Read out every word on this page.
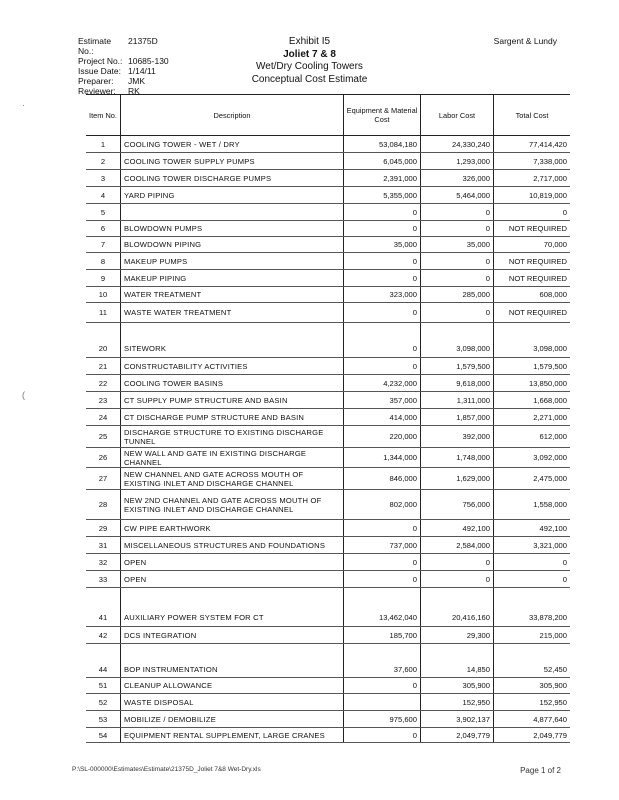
Estimate No.:
21375D
Project No.: 10685-130
Issue Date: 1/14/11
Preparer:	JMK
Reviewer:	RK
Exhibit I5
Joliet 7 & 8
Wet/Dry Cooling Towers
Conceptual Cost Estimate
Sargent & Lundy
·
(
Item No.	Description	Equipment & Material Cost	Labor Cost	Total Cost
1	COOLING TOWER - WET / DRY	53,084,180	24,330,240	77,414,420
2	COOLING TOWER SUPPLY PUMPS	6,045,000	1,293,000	7,338,000
3	COOLING TOWER DISCHARGE PUMPS	2,391,000	326,000	2,717,000
4	YARD PIPING	5,355,000	5,464,000	10,819,000
5		0	0	0
6	BLOWDOWN PUMPS	0	0	NOT REQUIRED
7	BLOWDOWN PIPING	35,000	35,000	70,000
8	MAKEUP PUMPS	0	0	NOT REQUIRED
9	MAKEUP PIPING	0	0	NOT REQUIRED
10	WATER TREATMENT	323,000	285,000	608,000
11	WASTE WATER TREATMENT	0	0	NOT REQUIRED

20	SITEWORK	0	3,098,000	3,098,000
21	CONSTRUCTABILITY ACTIVITIES	0	1,579,500	1,579,500
22	COOLING TOWER BASINS	4,232,000	9,618,000	13,850,000
23	CT SUPPLY PUMP STRUCTURE AND BASIN	357,000	1,311,000	1,668,000
24	CT DISCHARGE PUMP STRUCTURE AND BASIN	414,000	1,857,000	2,271,000
25	DISCHARGE STRUCTURE TO EXISTING DISCHARGE TUNNEL	220,000	392,000	612,000
26	NEW WALL AND GATE IN EXISTING DISCHARGE CHANNEL	1,344,000	1,748,000	3,092,000
27	NEW CHANNEL AND GATE ACROSS MOUTH OF EXISTING INLET AND DISCHARGE CHANNEL	846,000	1,629,000	2,475,000
28	NEW 2ND CHANNEL AND GATE ACROSS MOUTH OF EXISTING INLET AND DISCHARGE CHANNEL	802,000	756,000	1,558,000
29	CW PIPE EARTHWORK	0	492,100	492,100
31	MISCELLANEOUS STRUCTURES AND FOUNDATIONS	737,000	2,584,000	3,321,000
32	OPEN	0	0	0
33	OPEN	0	0	0

41	AUXILIARY POWER SYSTEM FOR CT	13,462,040	20,416,160	33,878,200
42	DCS INTEGRATION	185,700	29,300	215,000

44	BOP INSTRUMENTATION	37,600	14,850	52,450
51	CLEANUP ALLOWANCE	0	305,900	305,900
52	WASTE DISPOSAL		152,950	152,950
53	MOBILIZE / DEMOBILIZE	975,600	3,902,137	4,877,640
54	EQUIPMENT RENTAL SUPPLEMENT, LARGE CRANES	0	2,049,779	2,049,779
P:\SL-000000\Estimates\Estimate\21375D_Joliet 7&8 Wet-Dry.xls	Page 1 of 2
